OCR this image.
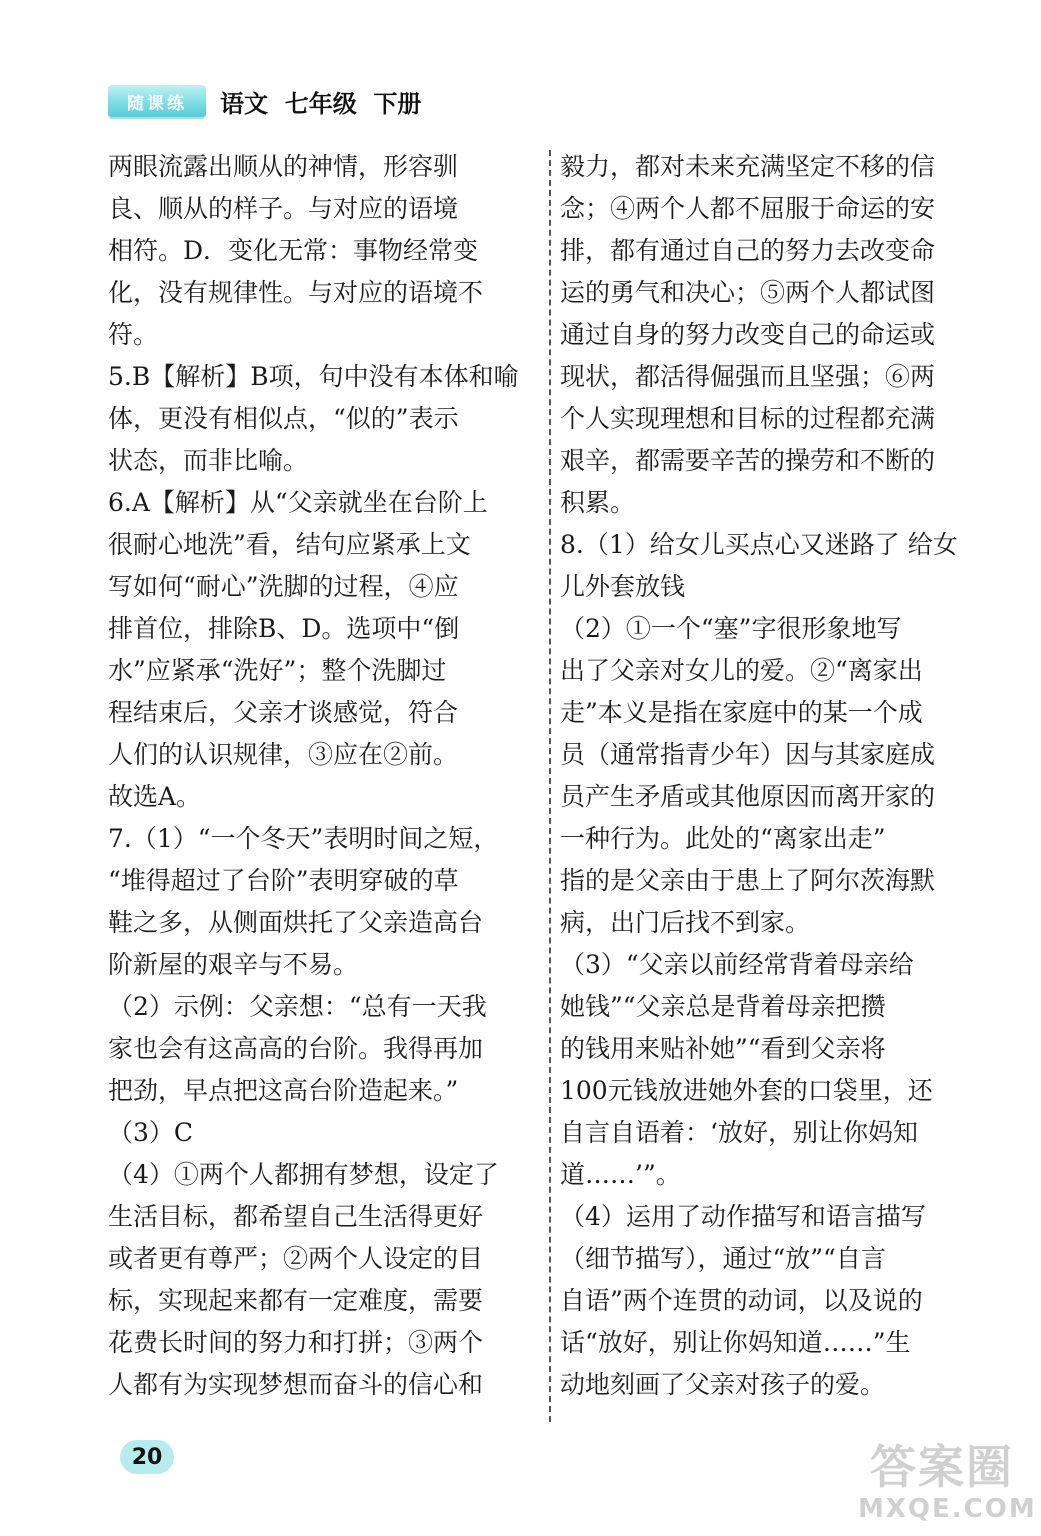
随课练	语文  七年级  下册
两眼流露出顺从的神情，形容驯
良、顺从的样子。与对应的语境
相符。D．变化无常：事物经常变
化，没有规律性。与对应的语境不
符。
5.B【解析】B项，句中没有本体和喻
体，更没有相似点，“似的”表示
状态，而非比喻。
6.A【解析】从“父亲就坐在台阶上
很耐心地洗”看，结句应紧承上文
写如何“耐心”洗脚的过程，④应
排首位，排除B、D。选项中“倒
水”应紧承“洗好”；整个洗脚过
程结束后，父亲才谈感觉，符合
人们的认识规律，③应在②前。
故选A。
7.（1）“一个冬天”表明时间之短，
“堆得超过了台阶”表明穿破的草
鞋之多，从侧面烘托了父亲造高台
阶新屋的艰辛与不易。
（2）示例：父亲想：“总有一天我
家也会有这高高的台阶。我得再加
把劲，早点把这高台阶造起来。”
（3）C
（4）①两个人都拥有梦想，设定了
生活目标，都希望自己生活得更好
或者更有尊严；②两个人设定的目
标，实现起来都有一定难度，需要
花费长时间的努力和打拼；③两个
人都有为实现梦想而奋斗的信心和
毅力，都对未来充满坚定不移的信
念；④两个人都不屈服于命运的安
排，都有通过自己的努力去改变命
运的勇气和决心；⑤两个人都试图
通过自身的努力改变自己的命运或
现状，都活得倔强而且坚强；⑥两
个人实现理想和目标的过程都充满
艰辛，都需要辛苦的操劳和不断的
积累。
8.（1）给女儿买点心又迷路了 给女
儿外套放钱
（2）①一个“塞”字很形象地写
出了父亲对女儿的爱。②“离家出
走”本义是指在家庭中的某一个成
员（通常指青少年）因与其家庭成
员产生矛盾或其他原因而离开家的
一种行为。此处的“离家出走”
指的是父亲由于患上了阿尔茨海默
病，出门后找不到家。
（3）“父亲以前经常背着母亲给
她钱”“父亲总是背着母亲把攒
的钱用来贴补她”“看到父亲将
100元钱放进她外套的口袋里，还
自言自语着：‘放好，别让你妈知
道……’”。
（4）运用了动作描写和语言描写
（细节描写），通过“放”“自言
自语”两个连贯的动词，以及说的
话“放好，别让你妈知道……”生
动地刻画了父亲对孩子的爱。
20	答案圈
MXQE.COM
